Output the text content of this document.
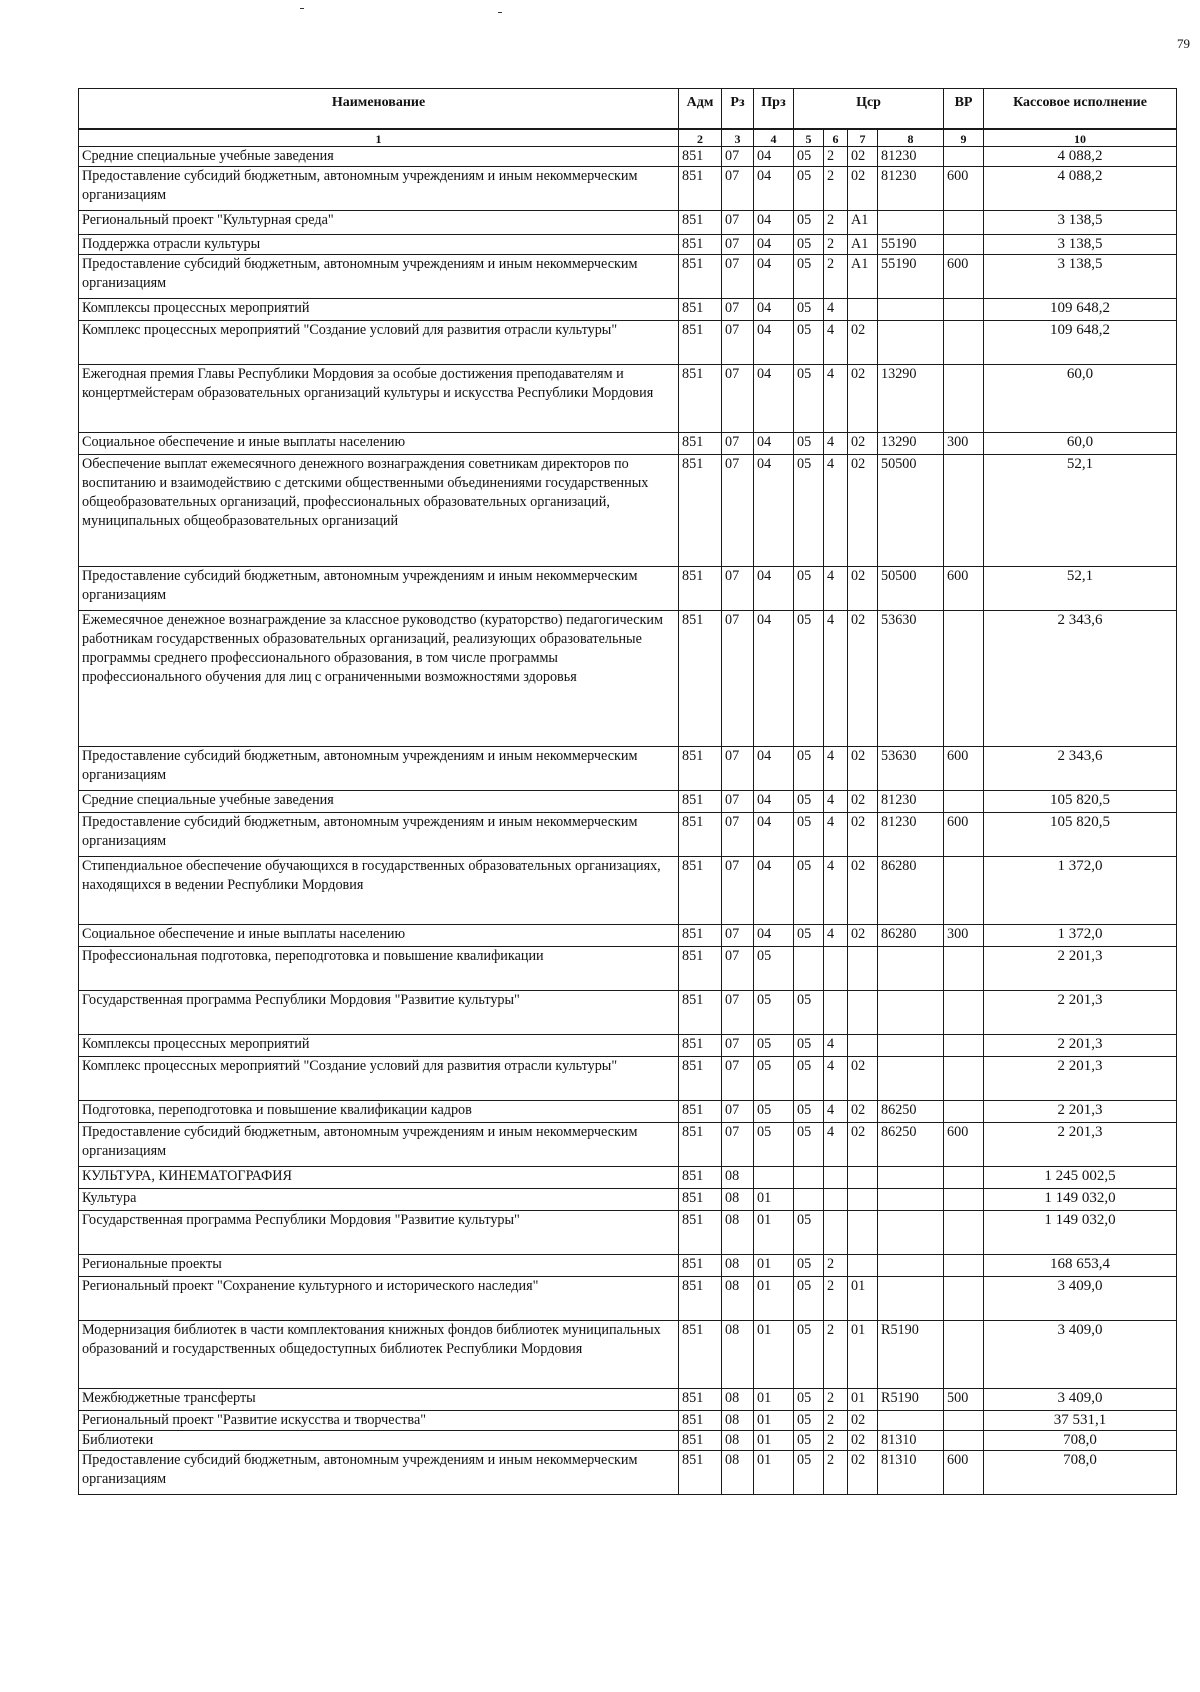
79
Наименование	Адм	Рз	Прз	Цср				ВР	Кассовое исполнение
1	2	3	4	5	6	7	8	9	10
Средние специальные учебные заведения	851	07	04	05	2	02	81230		4 088,2
Предоставление субсидий бюджетным, автономным учреждениям и иным некоммерческим организациям	851	07	04	05	2	02	81230	600	4 088,2
Региональный проект "Культурная среда"	851	07	04	05	2	A1			3 138,5
Поддержка отрасли культуры	851	07	04	05	2	A1	55190		3 138,5
Предоставление субсидий бюджетным, автономным учреждениям и иным некоммерческим организациям	851	07	04	05	2	A1	55190	600	3 138,5
Комплексы процессных мероприятий	851	07	04	05	4				109 648,2
Комплекс процессных мероприятий "Создание условий для развития отрасли культуры"	851	07	04	05	4	02			109 648,2
Ежегодная премия Главы Республики Мордовия за особые достижения преподавателям и концертмейстерам образовательных организаций культуры и искусства Республики Мордовия	851	07	04	05	4	02	13290		60,0
Социальное обеспечение и иные выплаты населению	851	07	04	05	4	02	13290	300	60,0
Обеспечение выплат ежемесячного денежного вознаграждения советникам директоров по воспитанию и взаимодействию с детскими общественными объединениями государственных общеобразовательных организаций, профессиональных образовательных организаций, муниципальных общеобразовательных организаций	851	07	04	05	4	02	50500		52,1
Предоставление субсидий бюджетным, автономным учреждениям и иным некоммерческим организациям	851	07	04	05	4	02	50500	600	52,1
Ежемесячное денежное вознаграждение за классное руководство (кураторство) педагогическим работникам государственных образовательных организаций, реализующих образовательные программы среднего профессионального образования, в том числе программы профессионального обучения для лиц с ограниченными возможностями здоровья	851	07	04	05	4	02	53630		2 343,6
Предоставление субсидий бюджетным, автономным учреждениям и иным некоммерческим организациям	851	07	04	05	4	02	53630	600	2 343,6
Средние специальные учебные заведения	851	07	04	05	4	02	81230		105 820,5
Предоставление субсидий бюджетным, автономным учреждениям и иным некоммерческим организациям	851	07	04	05	4	02	81230	600	105 820,5
Стипендиальное обеспечение обучающихся в государственных образовательных организациях, находящихся в ведении Республики Мордовия	851	07	04	05	4	02	86280		1 372,0
Социальное обеспечение и иные выплаты населению	851	07	04	05	4	02	86280	300	1 372,0
Профессиональная подготовка, переподготовка и повышение квалификации	851	07	05						2 201,3
Государственная программа Республики Мордовия "Развитие культуры"	851	07	05	05					2 201,3
Комплексы процессных мероприятий	851	07	05	05	4				2 201,3
Комплекс процессных мероприятий "Создание условий для развития отрасли культуры"	851	07	05	05	4	02			2 201,3
Подготовка, переподготовка и повышение квалификации кадров	851	07	05	05	4	02	86250		2 201,3
Предоставление субсидий бюджетным, автономным учреждениям и иным некоммерческим организациям	851	07	05	05	4	02	86250	600	2 201,3
КУЛЬТУРА, КИНЕМАТОГРАФИЯ	851	08							1 245 002,5
Культура	851	08	01						1 149 032,0
Государственная программа Республики Мордовия "Развитие культуры"	851	08	01	05					1 149 032,0
Региональные проекты	851	08	01	05	2				168 653,4
Региональный проект "Сохранение культурного и исторического наследия"	851	08	01	05	2	01			3 409,0
Модернизация библиотек в части комплектования книжных фондов библиотек муниципальных образований и государственных общедоступных библиотек Республики Мордовия	851	08	01	05	2	01	R5190		3 409,0
Межбюджетные трансферты	851	08	01	05	2	01	R5190	500	3 409,0
Региональный проект "Развитие искусства и творчества"	851	08	01	05	2	02			37 531,1
Библиотеки	851	08	01	05	2	02	81310		708,0
Предоставление субсидий бюджетным, автономным учреждениям и иным некоммерческим организациям	851	08	01	05	2	02	81310	600	708,0
